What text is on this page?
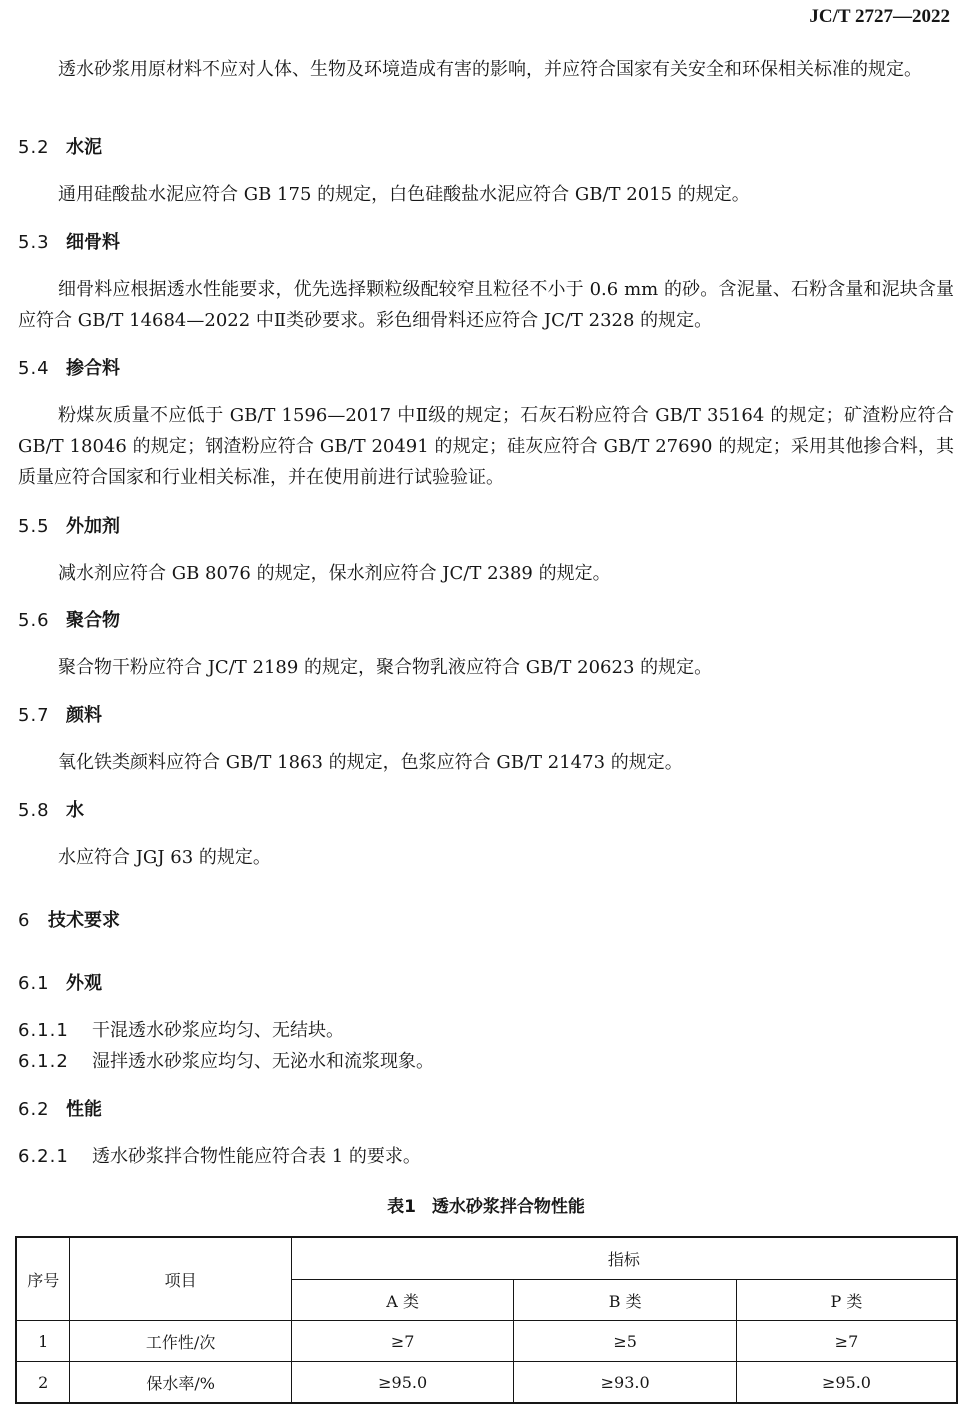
JC/T 2727—2022
透水砂浆用原材料不应对人体、生物及环境造成有害的影响，并应符合国家有关安全和环保相关标准的规定。
5.2 水泥
通用硅酸盐水泥应符合 GB 175 的规定，白色硅酸盐水泥应符合 GB/T 2015 的规定。
5.3 细骨料
细骨料应根据透水性能要求，优先选择颗粒级配较窄且粒径不小于 0.6 mm 的砂。含泥量、石粉含量和泥块含量应符合 GB/T 14684—2022 中Ⅱ类砂要求。彩色细骨料还应符合 JC/T 2328 的规定。
5.4 掺合料
粉煤灰质量不应低于 GB/T 1596—2017 中Ⅱ级的规定；石灰石粉应符合 GB/T 35164 的规定；矿渣粉应符合 GB/T 18046 的规定；钢渣粉应符合 GB/T 20491 的规定；硅灰应符合 GB/T 27690 的规定；采用其他掺合料，其质量应符合国家和行业相关标准，并在使用前进行试验验证。
5.5 外加剂
减水剂应符合 GB 8076 的规定，保水剂应符合 JC/T 2389 的规定。
5.6 聚合物
聚合物干粉应符合 JC/T 2189 的规定，聚合物乳液应符合 GB/T 20623 的规定。
5.7 颜料
氧化铁类颜料应符合 GB/T 1863 的规定，色浆应符合 GB/T 21473 的规定。
5.8 水
水应符合 JGJ 63 的规定。
6 技术要求
6.1 外观
6.1.1 干混透水砂浆应均匀、无结块。
6.1.2 湿拌透水砂浆应均匀、无泌水和流浆现象。
6.2 性能
6.2.1 透水砂浆拌合物性能应符合表 1 的要求。
表1 透水砂浆拌合物性能
序号	项目	指标		
		A 类	B 类	P 类
1	工作性/次	≥7	≥5	≥7
2	保水率/%	≥95.0	≥93.0	≥95.0
